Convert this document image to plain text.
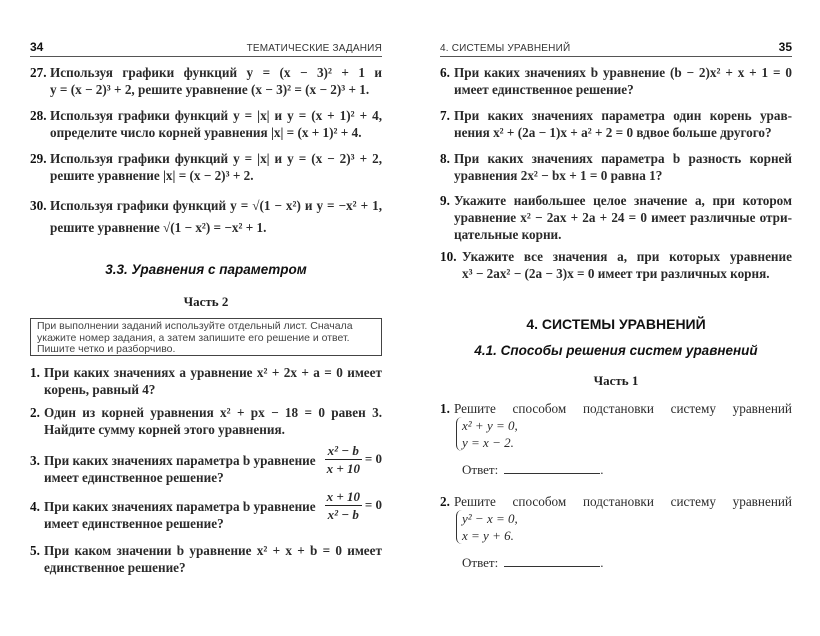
34	ТЕМАТИЧЕСКИЕ ЗАДАНИЯ
27. Используя графики функций y = (x − 3)² + 1 и
y = (x − 2)³ + 2, решите уравнение (x − 3)² = (x − 2)³ + 1.
28. Используя графики функций y = |x| и y = (x + 1)² + 4,
определите число корней уравнения |x| = (x + 1)² + 4.
29. Используя графики функций y = |x| и y = (x − 2)³ + 2,
решите уравнение |x| = (x − 2)³ + 2.
30. Используя графики функций y = √(1 − x²) и y = −x² + 1,
решите уравнение √(1 − x²) = −x² + 1.
3.3. Уравнения с параметром
Часть 2
При выполнении заданий используйте отдельный лист. Сначала укажите номер задания, а затем запишите его решение и ответ. Пишите четко и разборчиво.
1. При каких значениях a уравнение x² + 2x + a = 0 имеет
корень, равный 4?
2. Один из корней уравнения x² + px − 18 = 0 равен 3.
Найдите сумму корней этого уравнения.
3. При каких значениях параметра b уравнение
имеет единственное решение?
x² − b
x + 10
= 0
4. При каких значениях параметра b уравнение
имеет единственное решение?
x + 10
x² − b
= 0
5. При каком значении b уравнение x² + x + b = 0 имеет
единственное решение?
4. СИСТЕМЫ УРАВНЕНИЙ	35
6. При каких значениях b уравнение (b − 2)x² + x + 1 = 0
имеет единственное решение?
7. При каких значениях параметра один корень урав-
нения x² + (2a − 1)x + a² + 2 = 0 вдвое больше другого?
8. При каких значениях параметра b разность корней
уравнения 2x² − bx + 1 = 0 равна 1?
9. Укажите наибольшее целое значение a, при котором
уравнение x² − 2ax + 2a + 24 = 0 имеет различные отри-
цательные корни.
10. Укажите все значения a, при которых уравнение
x³ − 2ax² − (2a − 3)x = 0 имеет три различных корня.
4. СИСТЕМЫ УРАВНЕНИЙ
4.1. Способы решения систем уравнений
Часть 1
1. Решите способом подстановки систему уравнений
x² + y = 0,
y = x − 2.
Ответ:	.
2. Решите способом подстановки систему уравнений
y² − x = 0,
x = y + 6.
Ответ:	.
